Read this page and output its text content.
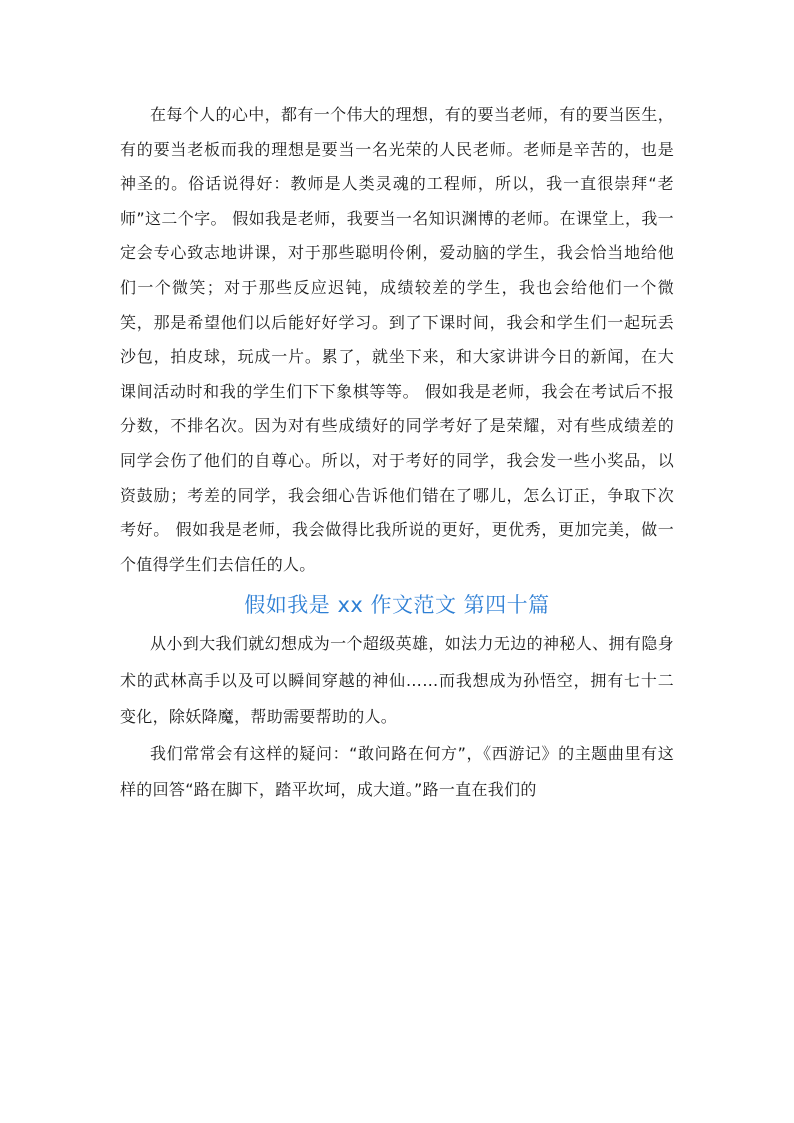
在每个人的心中，都有一个伟大的理想，有的要当老师，有的要当医生，有的要当老板而我的理想是要当一名光荣的人民老师。老师是辛苦的，也是神圣的。俗话说得好：教师是人类灵魂的工程师，所以，我一直很崇拜“老师”这二个字。 假如我是老师，我要当一名知识渊博的老师。在课堂上，我一定会专心致志地讲课，对于那些聪明伶俐，爱动脑的学生，我会恰当地给他们一个微笑；对于那些反应迟钝，成绩较差的学生，我也会给他们一个微笑，那是希望他们以后能好好学习。到了下课时间，我会和学生们一起玩丢沙包，拍皮球，玩成一片。累了，就坐下来，和大家讲讲今日的新闻，在大课间活动时和我的学生们下下象棋等等。 假如我是老师，我会在考试后不报分数，不排名次。因为对有些成绩好的同学考好了是荣耀，对有些成绩差的同学会伤了他们的自尊心。所以，对于考好的同学，我会发一些小奖品，以资鼓励；考差的同学，我会细心告诉他们错在了哪儿，怎么订正，争取下次考好。 假如我是老师，我会做得比我所说的更好，更优秀，更加完美，做一个值得学生们去信任的人。

假如我是 xx 作文范文 第四十篇

从小到大我们就幻想成为一个超级英雄，如法力无边的神秘人、拥有隐身术的武林高手以及可以瞬间穿越的神仙……而我想成为孙悟空，拥有七十二变化，除妖降魔，帮助需要帮助的人。

我们常常会有这样的疑问：“敢问路在何方”，《西游记》的主题曲里有这样的回答“路在脚下，踏平坎坷，成大道。”路一直在我们的
